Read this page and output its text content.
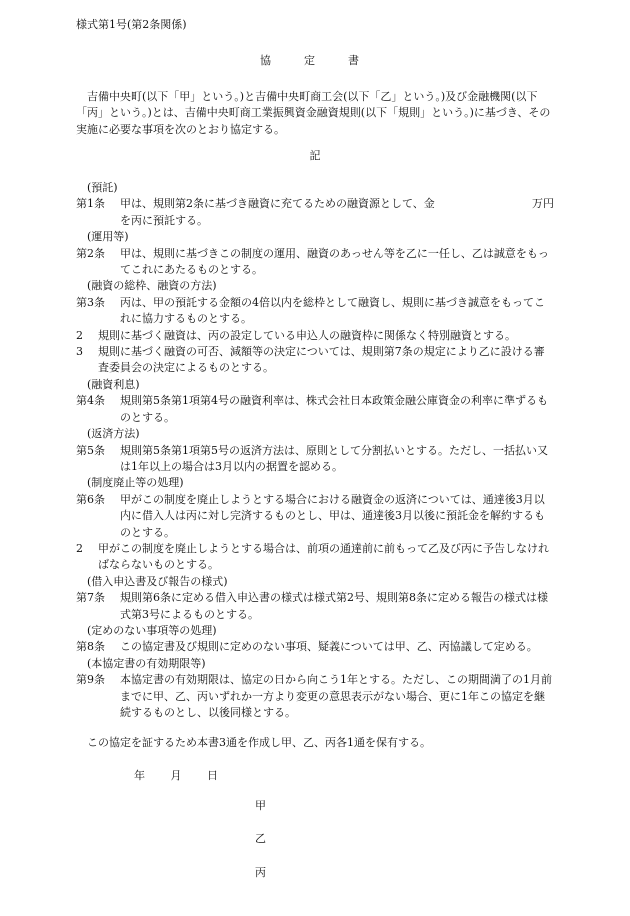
様式第1号(第2条関係)
協　定　書
吉備中央町(以下「甲」という。)と吉備中央町商工会(以下「乙」という。)及び金融機関(以下「丙」という。)とは、吉備中央町商工業振興資金融資規則(以下「規則」という。)に基づき、その実施に必要な事項を次のとおり協定する。
記
(預託)
第1条 甲は、規則第2条に基づき融資に充てるための融資源として、金	万円
を丙に預託する。
(運用等)
第2条 甲は、規則に基づきこの制度の運用、融資のあっせん等を乙に一任し、乙は誠意をもってこれにあたるものとする。
(融資の総枠、融資の方法)
第3条 丙は、甲の預託する金額の4倍以内を総枠として融資し、規則に基づき誠意をもってこれに協力するものとする。
2 規則に基づく融資は、丙の設定している申込人の融資枠に関係なく特別融資とする。
3 規則に基づく融資の可否、減額等の決定については、規則第7条の規定により乙に設ける審査委員会の決定によるものとする。
(融資利息)
第4条 規則第5条第1項第4号の融資利率は、株式会社日本政策金融公庫資金の利率に準ずるものとする。
(返済方法)
第5条 規則第5条第1項第5号の返済方法は、原則として分割払いとする。ただし、一括払い又は1年以上の場合は3月以内の据置を認める。
(制度廃止等の処理)
第6条 甲がこの制度を廃止しようとする場合における融資金の返済については、通達後3月以内に借入人は丙に対し完済するものとし、甲は、通達後3月以後に預託金を解約するものとする。
2 甲がこの制度を廃止しようとする場合は、前項の通達前に前もって乙及び丙に予告しなければならないものとする。
(借入申込書及び報告の様式)
第7条 規則第6条に定める借入申込書の様式は様式第2号、規則第8条に定める報告の様式は様式第3号によるものとする。
(定めのない事項等の処理)
第8条 この協定書及び規則に定めのない事項、疑義については甲、乙、丙協議して定める。
(本協定書の有効期限等)
第9条 本協定書の有効期限は、協定の日から向こう1年とする。ただし、この期間満了の1月前までに甲、乙、丙いずれか一方より変更の意思表示がない場合、更に1年この協定を継続するものとし、以後同様とする。
この協定を証するため本書3通を作成し甲、乙、丙各1通を保有する。
年 月 日
甲
乙
丙
